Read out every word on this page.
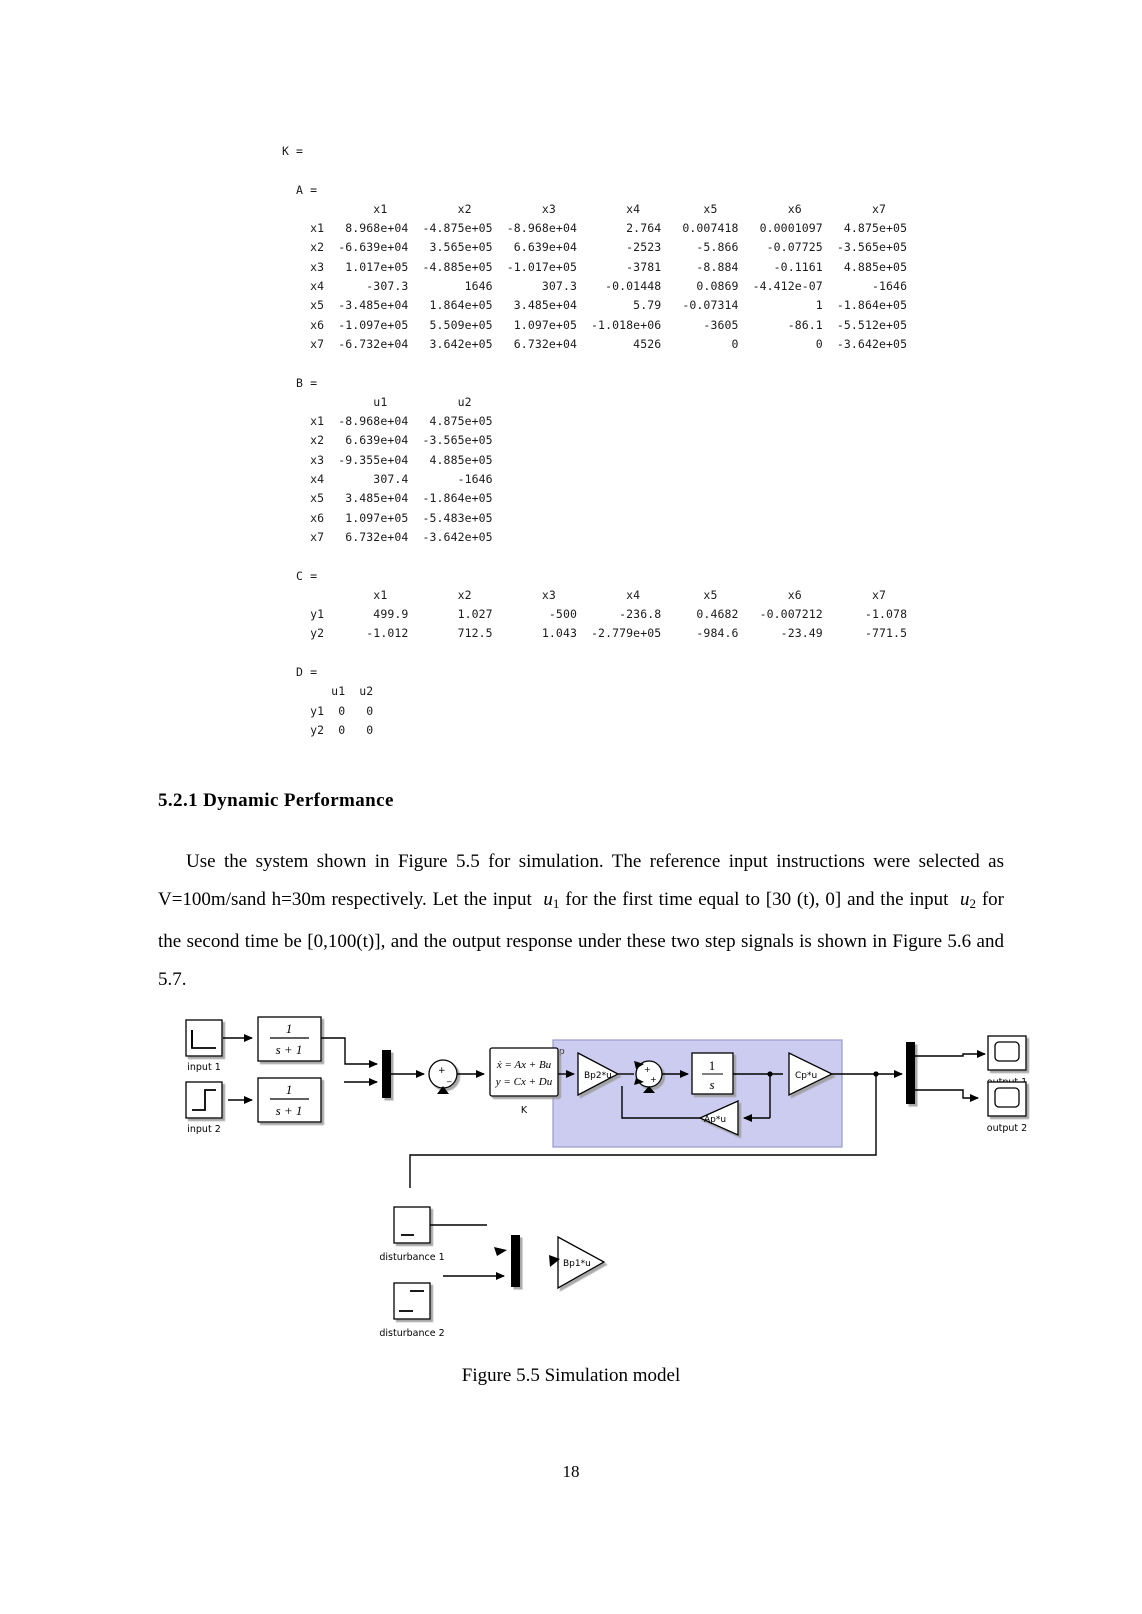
K =

A =
x1          x2          x3          x4         x5          x6          x7
x1   8.968e+04  -4.875e+05  -8.968e+04       2.764   0.007418   0.0001097   4.875e+05
x2  -6.639e+04   3.565e+05   6.639e+04       -2523     -5.866    -0.07725  -3.565e+05
x3   1.017e+05  -4.885e+05  -1.017e+05       -3781     -8.884     -0.1161   4.885e+05
x4      -307.3        1646       307.3    -0.01448     0.0869  -4.412e-07       -1646
x5  -3.485e+04   1.864e+05   3.485e+04        5.79   -0.07314           1  -1.864e+05
x6  -1.097e+05   5.509e+05   1.097e+05  -1.018e+06      -3605       -86.1  -5.512e+05
x7  -6.732e+04   3.642e+05   6.732e+04        4526          0           0  -3.642e+05

B =
u1          u2
x1  -8.968e+04   4.875e+05
x2   6.639e+04  -3.565e+05
x3  -9.355e+04   4.885e+05
x4       307.4       -1646
x5   3.485e+04  -1.864e+05
x6   1.097e+05  -5.483e+05
x7   6.732e+04  -3.642e+05

C =
x1          x2          x3          x4         x5          x6          x7
y1       499.9       1.027        -500      -236.8     0.4682   -0.007212      -1.078
y2      -1.012       712.5       1.043  -2.779e+05     -984.6      -23.49      -771.5

D =
u1  u2
y1  0   0
y2  0   0
5.2.1 Dynamic Performance
Use the system shown in Figure 5.5 for simulation. The reference input instructions were selected as V=100m/sand h=30m respectively. Let the input  $u_1$ for the first time equal to [30 (t), 0] and the input  $u_2$ for the second time be [0,100(t)], and the output response under these two step signals is shown in Figure 5.6 and 5.7.
p
input 1
1
s + 1
input 2
1
s + 1
+
_
ẋ = Ax + Bu
y = Cx + Du
K
Bp2*u
+
+
1
s
Cp*u
Ap*u
output 2
disturbance 1
disturbance 2
Bp1*u
Figure 5.5 Simulation model
18
